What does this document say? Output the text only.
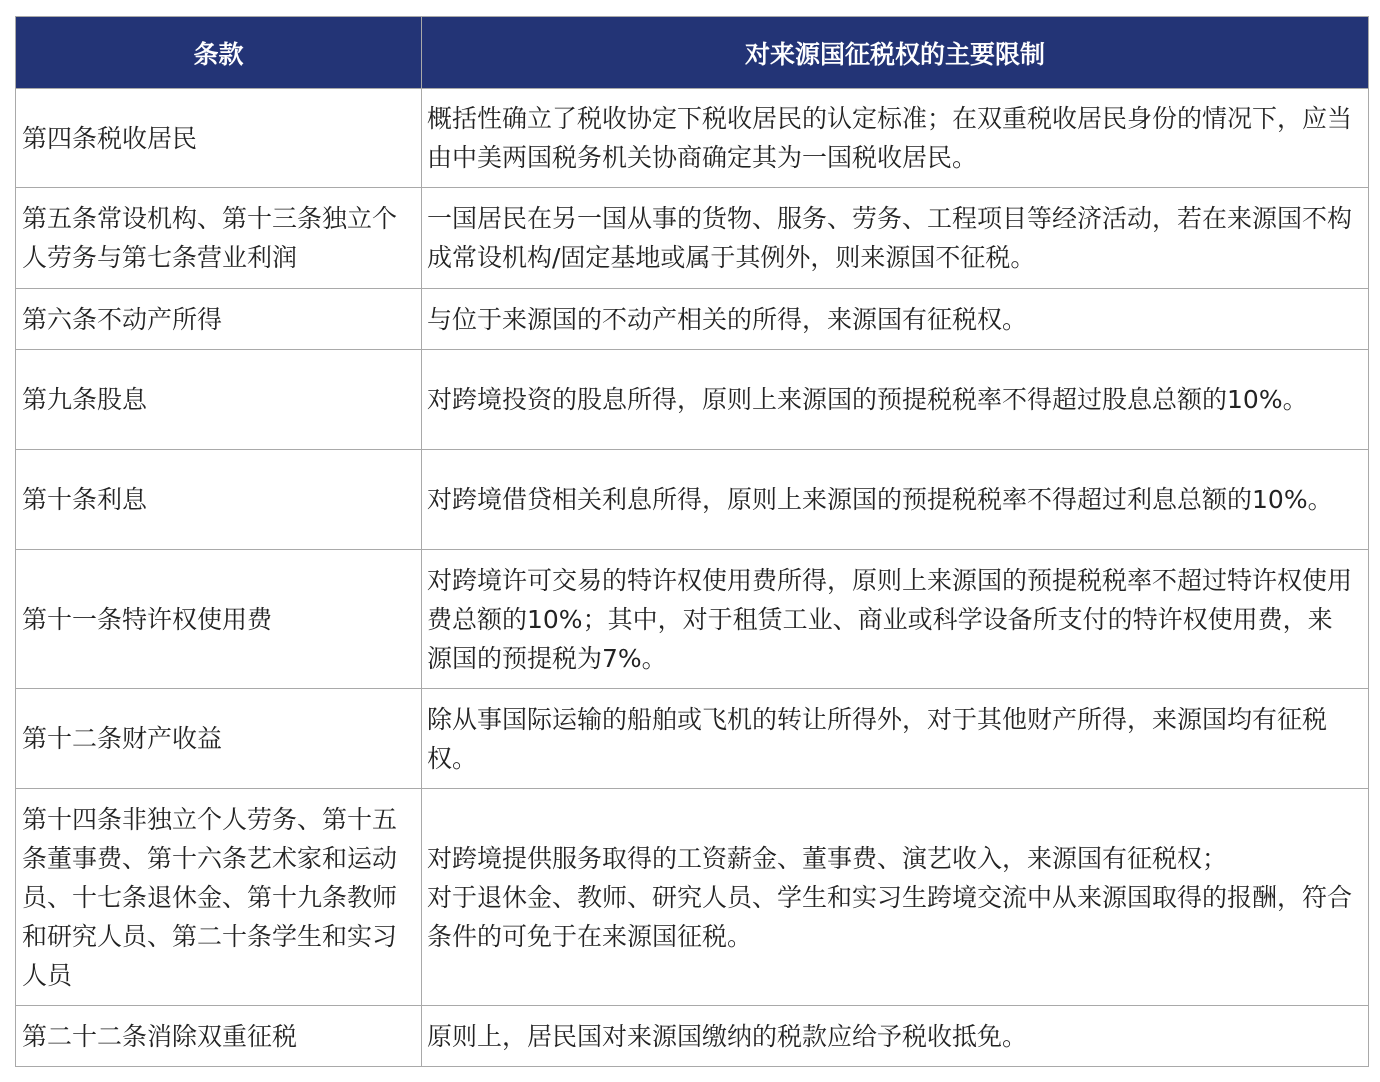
条款	对来源国征税权的主要限制
第四条税收居民	概括性确立了税收协定下税收居民的认定标准；在双重税收居民身份的情况下，应当由中美两国税务机关协商确定其为一国税收居民。
第五条常设机构、第十三条独立个人劳务与第七条营业利润	一国居民在另一国从事的货物、服务、劳务、工程项目等经济活动，若在来源国不构成常设机构/固定基地或属于其例外，则来源国不征税。
第六条不动产所得	与位于来源国的不动产相关的所得，来源国有征税权。
第九条股息	对跨境投资的股息所得，原则上来源国的预提税税率不得超过股息总额的10%。
第十条利息	对跨境借贷相关利息所得，原则上来源国的预提税税率不得超过利息总额的10%。
第十一条特许权使用费	对跨境许可交易的特许权使用费所得，原则上来源国的预提税税率不超过特许权使用费总额的10%；其中，对于租赁工业、商业或科学设备所支付的特许权使用费，来源国的预提税为7%。
第十二条财产收益	除从事国际运输的船舶或飞机的转让所得外，对于其他财产所得，来源国均有征税权。
第十四条非独立个人劳务、第十五条董事费、第十六条艺术家和运动员、十七条退休金、第十九条教师和研究人员、第二十条学生和实习人员	对跨境提供服务取得的工资薪金、董事费、演艺收入，来源国有征税权；
对于退休金、教师、研究人员、学生和实习生跨境交流中从来源国取得的报酬，符合条件的可免于在来源国征税。

第二十二条消除双重征税	原则上，居民国对来源国缴纳的税款应给予税收抵免。
